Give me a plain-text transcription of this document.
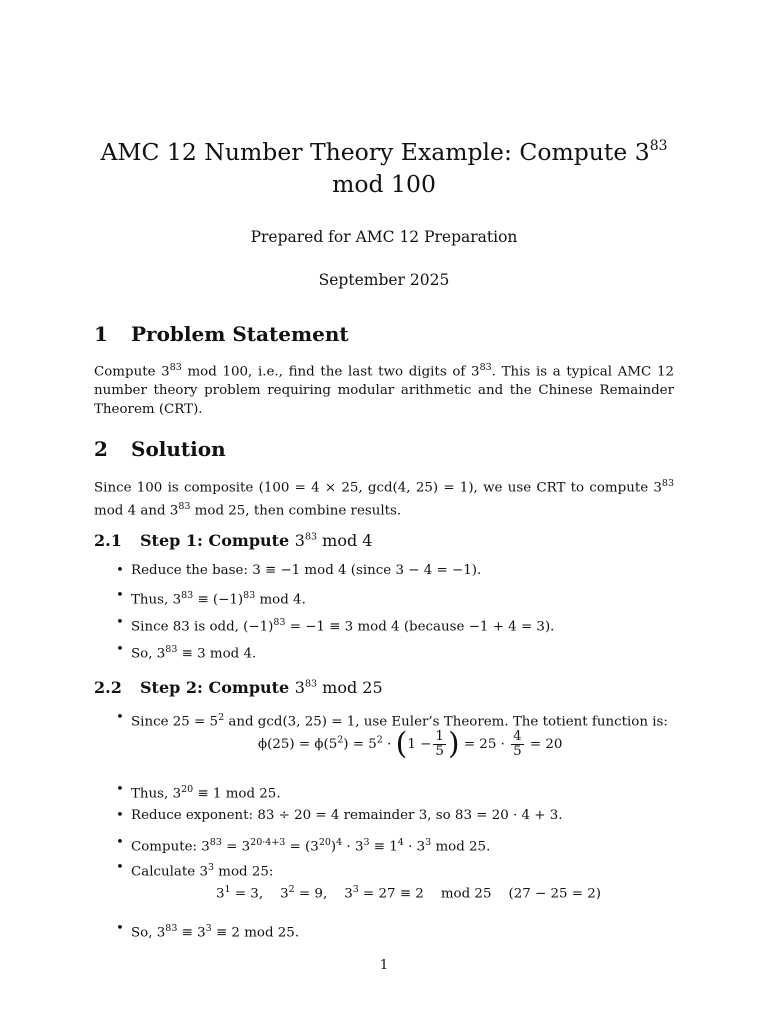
AMC 12 Number Theory Example: Compute $3^{83}$
mod 100
Prepared for AMC 12 Preparation
September 2025
1 Problem Statement
Compute $3^{83}$ mod 100, i.e., find the last two digits of $3^{83}$. This is a typical AMC 12 number theory problem requiring modular arithmetic and the Chinese Remainder Theorem (CRT).
2 Solution
Since 100 is composite (100 = 4 × 25, gcd(4, 25) = 1), we use CRT to compute $3^{83}$ mod 4 and $3^{83}$ mod 25, then combine results.
2.1 Step 1: Compute $3^{83}$ mod 4
• Reduce the base: 3 ≡ −1 mod 4 (since 3 − 4 = −1).
• Thus, $3^{83} \equiv (-1)^{83}$ mod 4.
• Since 83 is odd, $(-1)^{83} = -1 \equiv 3$ mod 4 (because −1 + 4 = 3).
• So, $3^{83} \equiv 3$ mod 4.
2.2 Step 2: Compute $3^{83}$ mod 25
• Since $25 = 5^2$ and gcd(3, 25) = 1, use Euler’s Theorem. The totient function is:
$\phi(25) = \phi(5^2) = 5^2 \cdot (1 - \frac{1}{5}$ ) = $25 \cdot \frac{4}{5} = 20$
• Thus, $3^{20} \equiv 1$ mod 25.
• Reduce exponent: 83 ÷ 20 = 4 remainder 3, so 83 = 20 · 4 + 3.
• Compute: $3^{83} = 3^{20\cdot 4+3} = (3^{20})^4 \cdot 3^3 \equiv 1^4 \cdot 3^3$ mod 25.
• Calculate $3^3$ mod 25:
$3^1 = 3$,    $3^2 = 9$,    $3^3 = 27 \equiv 2$    mod 25    (27 − 25 = 2)
• So, $3^{83} \equiv 3^3 \equiv 2$ mod 25.
1
